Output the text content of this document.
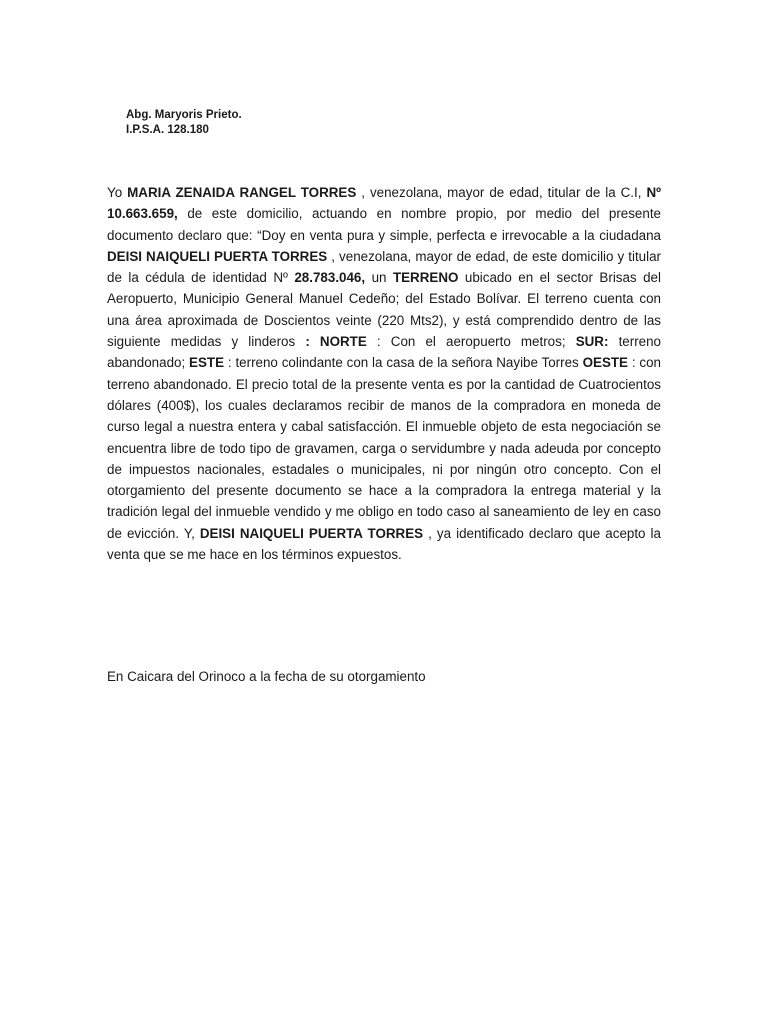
Abg. Maryoris Prieto.
I.P.S.A. 128.180
Yo MARIA ZENAIDA RANGEL TORRES , venezolana, mayor de edad, titular de la C.I, Nº 10.663.659, de este domicilio, actuando en nombre propio, por medio del presente documento declaro que: “Doy en venta pura y simple, perfecta e irrevocable a la ciudadana DEISI NAIQUELI PUERTA TORRES , venezolana, mayor de edad, de este domicilio y titular de la cédula de identidad Nº 28.783.046, un TERRENO ubicado en el sector Brisas del Aeropuerto, Municipio General Manuel Cedeño; del Estado Bolívar. El terreno cuenta con una área aproximada de Doscientos veinte (220 Mts2), y está comprendido dentro de las siguiente medidas y linderos : NORTE : Con el aeropuerto metros; SUR: terreno abandonado; ESTE : terreno colindante con la casa de la señora Nayibe Torres OESTE : con terreno abandonado. El precio total de la presente venta es por la cantidad de Cuatrocientos dólares (400$), los cuales declaramos recibir de manos de la compradora en moneda de curso legal a nuestra entera y cabal satisfacción. El inmueble objeto de esta negociación se encuentra libre de todo tipo de gravamen, carga o servidumbre y nada adeuda por concepto de impuestos nacionales, estadales o municipales, ni por ningún otro concepto. Con el otorgamiento del presente documento se hace a la compradora la entrega material y la tradición legal del inmueble vendido y me obligo en todo caso al saneamiento de ley en caso de evicción. Y, DEISI NAIQUELI PUERTA TORRES , ya identificado declaro que acepto la venta que se me hace en los términos expuestos.
En Caicara del Orinoco a la fecha de su otorgamiento
